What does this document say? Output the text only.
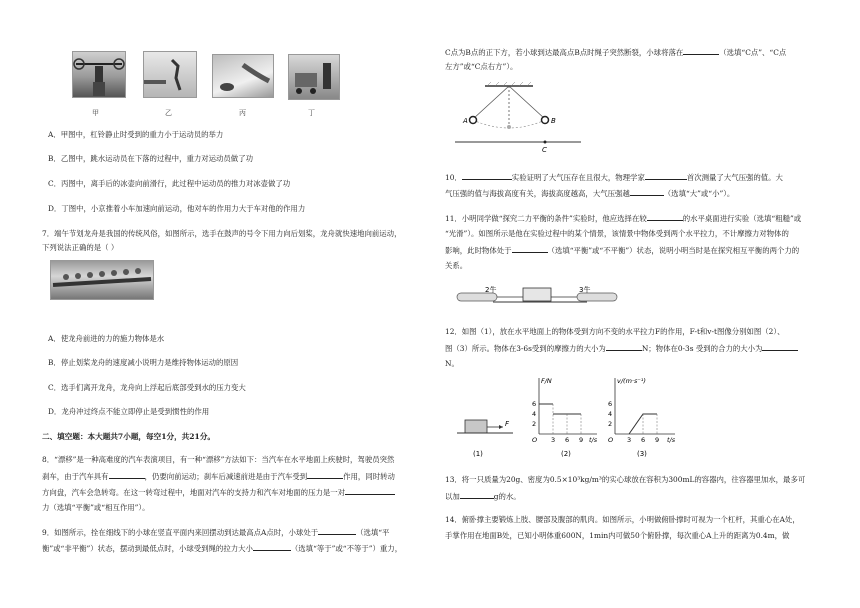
甲	乙	丙	丁
A．甲图中，杠铃静止时受到的重力小于运动员的举力
B．乙图中，跳水运动员在下落的过程中，重力对运动员做了功
C．丙图中，离手后的冰壶向前滑行，此过程中运动员的推力对冰壶做了功
D．丁图中，小京推着小车加速向前运动，他对车的作用力大于车对他的作用力
7．端午节划龙舟是我国的传统风俗，如图所示，选手在鼓声的号令下用力向后划桨，龙舟就快速地向前运动，
下列说法正确的是（ ）
A．使龙舟前进的力的施力物体是水
B．停止划桨龙舟的速度减小说明力是维持物体运动的原因
C．选手们离开龙舟，龙舟向上浮起后底部受到水的压力变大
D．龙舟冲过终点不能立即停止是受到惯性的作用
二、填空题：本大题共7小题，每空1分，共21分。
8．“漂移”是一种高难度的汽车表演项目，有一种“漂移”方法如下：当汽车在水平地面上疾驶时，驾驶员突然
刹车，由于汽车具有	，仍要向前运动；刹车后减速前进是由于汽车受到	作用，同时转动
方向盘，汽车会急转弯。在这一转弯过程中，地面对汽车的支持力和汽车对地面的压力是一对
力（选填“平衡”或“相互作用”）。
9．如图所示，拴在细线下的小球在竖直平面内来回摆动到达最高点A点时，小球处于	（选填“平
衡”或“非平衡”）状态，摆动到最低点时，小球受到绳的拉力大小	（选填“等于”或“不等于”）重力，
C点为B点的正下方，若小球到达最高点B点时绳子突然断裂，小球将落在	（选填“C点”、“C点
左方”或“C点右方”）。
A	B
C
10．	实验证明了大气压存在且很大，物理学家	首次测量了大气压强的值。大
气压强的值与海拔高度有关，海拔高度越高，大气压强越	（选填“大”或“小”）。
11．小明同学做“探究二力平衡的条件”实验时，他应选择在较	的水平桌面进行实验（选填“粗糙”或
“光滑”）。如图所示是他在实验过程中的某个情景，该情景中物体受到两个水平拉力，不计摩擦力对物体的
影响，此时物体处于	（选填“平衡”或“不平衡”）状态，说明小明当时是在探究相互平衡的两个力的
关系。
2牛	3牛
12．如图（1），放在水平地面上的物体受到方向不变的水平拉力F的作用，F-t和v-t图像分别如图（2）、
图（3）所示。物体在3-6s受到的摩擦力的大小为	N；物体在0-3s 受到的合力的大小为
N。
F
(1)
F/N
t/s
O
(2)
3 6 9
2
4
6
v/(m·s⁻¹)
t/s
O
(3)
3 6 9
2
4
6
13．将一只质量为20g、密度为0.5×10³kg/m³的实心球放在容积为300mL的容器内，往容器里加水，最多可
以加	g的水。
14．俯卧撑主要锻炼上肢、腰部及腹部的肌肉。如图所示，小明做俯卧撑时可视为一个杠杆，其重心在A处，
手掌作用在地面B处，已知小明体重600N，1min内可做50个俯卧撑，每次重心A上升的距离为0.4m，做
